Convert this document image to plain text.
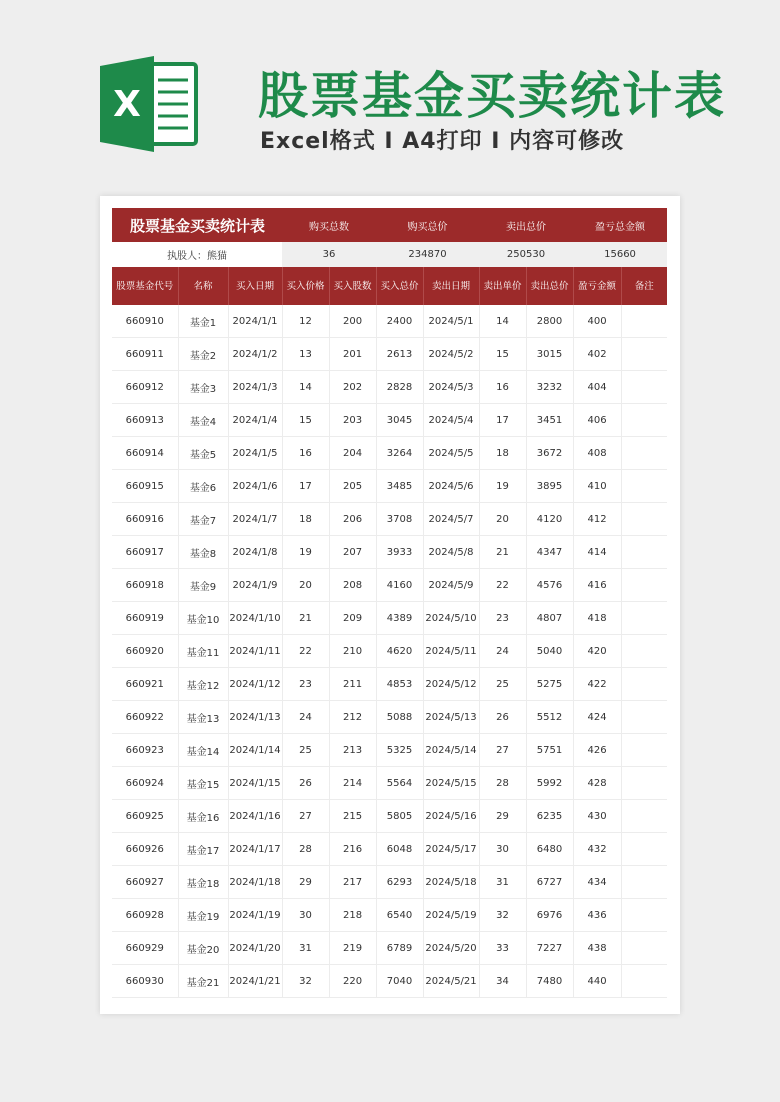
X 股票基金买卖统计表
Excel格式 I A4打印 I 内容可修改
股票基金买卖统计表			购买总数		购买总价		卖出总价		盈亏总金额	
执股人：熊猫			36		234870		250530		15660	
股票基金代号	名称	买入日期	买入价格	买入股数	买入总价	卖出日期	卖出单价	卖出总价	盈亏金额	备注
660910	基金1	2024/1/1	12	200	2400	2024/5/1	14	2800	400	
660911	基金2	2024/1/2	13	201	2613	2024/5/2	15	3015	402	
660912	基金3	2024/1/3	14	202	2828	2024/5/3	16	3232	404	
660913	基金4	2024/1/4	15	203	3045	2024/5/4	17	3451	406	
660914	基金5	2024/1/5	16	204	3264	2024/5/5	18	3672	408	
660915	基金6	2024/1/6	17	205	3485	2024/5/6	19	3895	410	
660916	基金7	2024/1/7	18	206	3708	2024/5/7	20	4120	412	
660917	基金8	2024/1/8	19	207	3933	2024/5/8	21	4347	414	
660918	基金9	2024/1/9	20	208	4160	2024/5/9	22	4576	416	
660919	基金10	2024/1/10	21	209	4389	2024/5/10	23	4807	418	
660920	基金11	2024/1/11	22	210	4620	2024/5/11	24	5040	420	
660921	基金12	2024/1/12	23	211	4853	2024/5/12	25	5275	422	
660922	基金13	2024/1/13	24	212	5088	2024/5/13	26	5512	424	
660923	基金14	2024/1/14	25	213	5325	2024/5/14	27	5751	426	
660924	基金15	2024/1/15	26	214	5564	2024/5/15	28	5992	428	
660925	基金16	2024/1/16	27	215	5805	2024/5/16	29	6235	430	
660926	基金17	2024/1/17	28	216	6048	2024/5/17	30	6480	432	
660927	基金18	2024/1/18	29	217	6293	2024/5/18	31	6727	434	
660928	基金19	2024/1/19	30	218	6540	2024/5/19	32	6976	436	
660929	基金20	2024/1/20	31	219	6789	2024/5/20	33	7227	438	
660930	基金21	2024/1/21	32	220	7040	2024/5/21	34	7480	440	
